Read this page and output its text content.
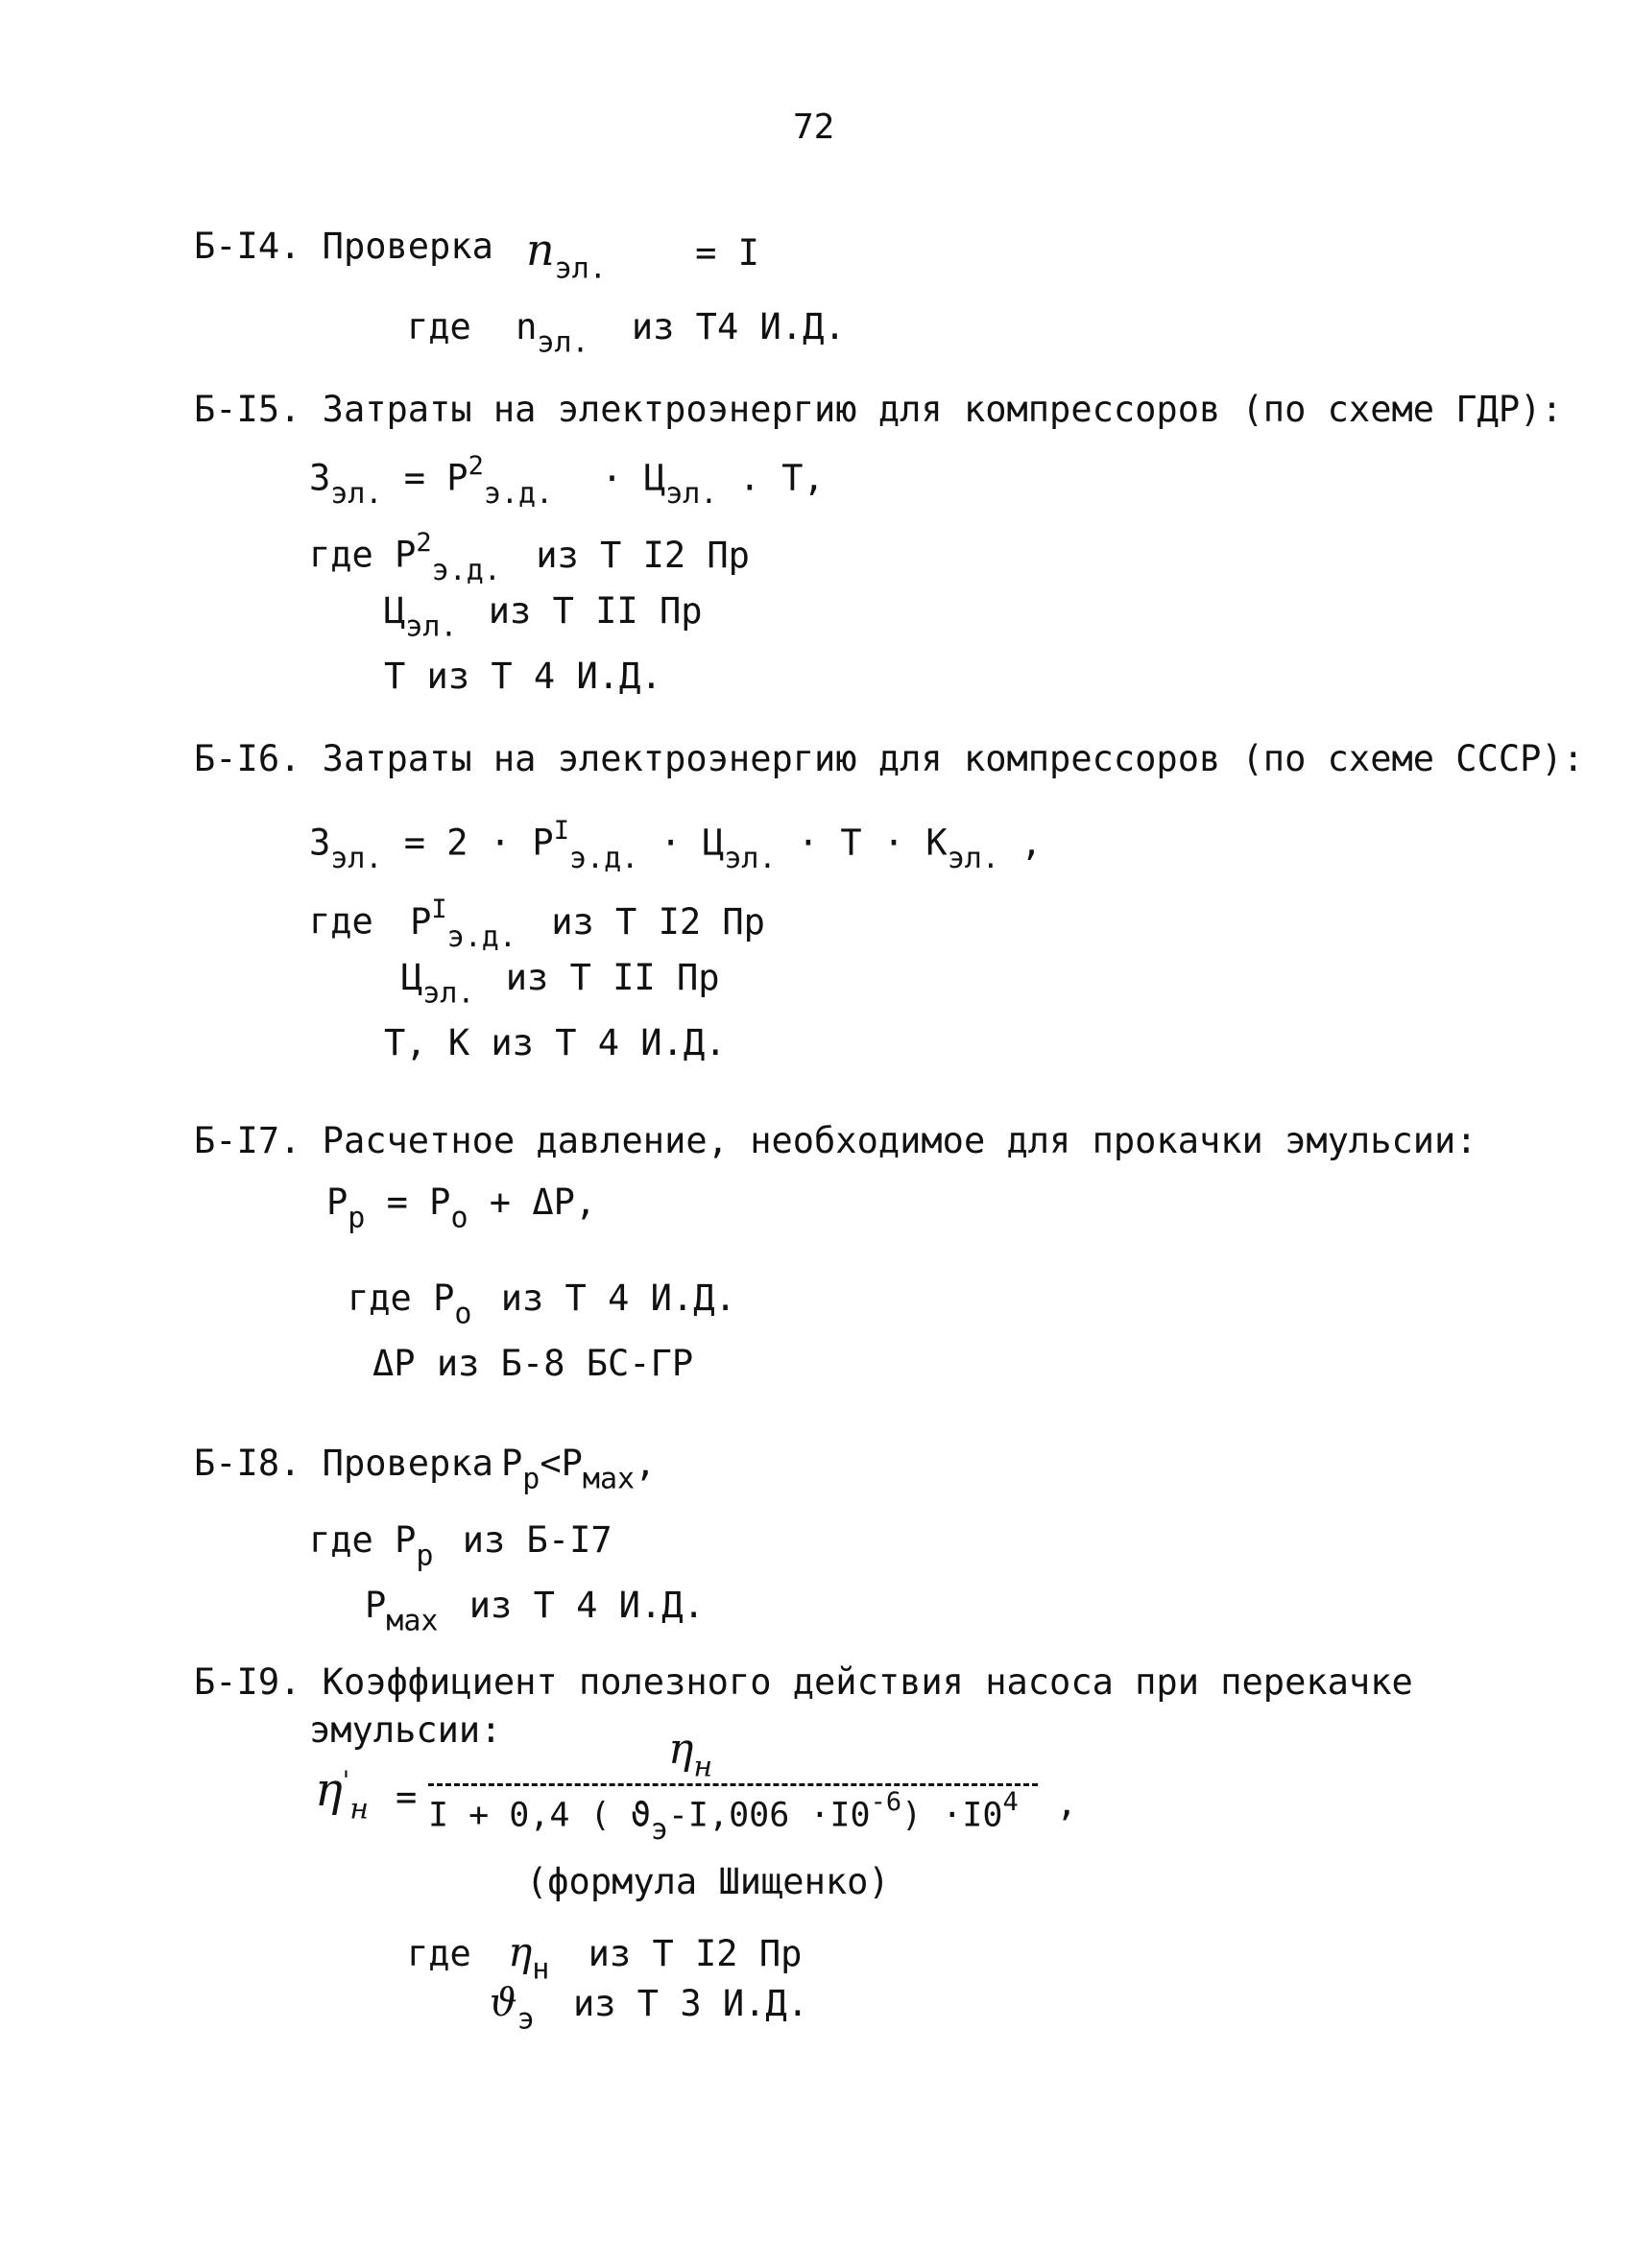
72
Б-I4. Проверка $n_{эл.} = I$
где $n_{эл.}$ из Т4 И.Д.
Б-I5. Затраты на электроэнергию для компрессоров (по схеме ГДР):
$З_{эл.} = Р^2_{э.д.} \cdot Ц_{эл.}$ . Т,
где $Р^2_{э.д.}$ из Т I2 Пр
$Ц_{эл.}$ из Т II Пр
Т из Т 4 И.Д.
Б-I6. Затраты на электроэнергию для компрессоров (по схеме СССР):
$З_{эл.} = 2 \cdot Р^I_{э.д.} \cdot Ц_{эл.} \cdot Т \cdot К_{эл.}$ ,
где $Р^I_{э.д.}$ из Т I2 Пр
$Ц_{эл.}$ из Т II Пр
Т, К из Т 4 И.Д.
Б-I7. Расчетное давление, необходимое для прокачки эмульсии:
$Р_р = Р_о + \Delta Р$,
где $Р_о$ из Т 4 И.Д.
ΔР из Б-8 БС-ГР
Б-I8. Проверка $Р_р<Р_{мах}$,
где $Р_р$ из Б-I7
$Р_{мах}$ из Т 4 И.Д.
Б-I9. Коэффициент полезного действия насоса при перекачке
эмульсии:
$\eta'_н$ =
$\eta_н$
I + 0,4 ( $ϑэ-I,006 \cdot I0^{-6}) \cdot I0^4$ ,
(формула Шищенко)
где $\eta_н$ из Т I2 Пр
$ϑ_э$ из Т 3 И.Д.
